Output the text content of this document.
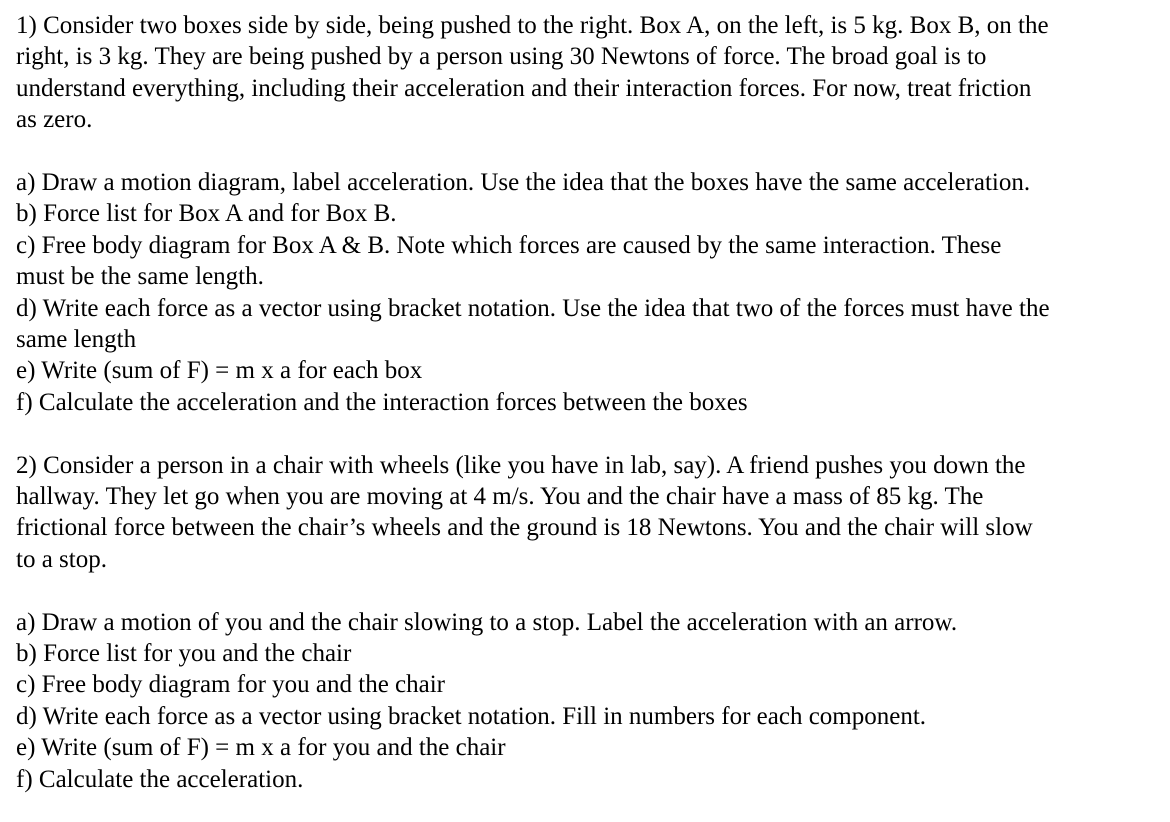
1) Consider two boxes side by side, being pushed to the right. Box A, on the left, is 5 kg. Box B, on the
right, is 3 kg. They are being pushed by a person using 30 Newtons of force. The broad goal is to
understand everything, including their acceleration and their interaction forces. For now, treat friction
as zero.
a) Draw a motion diagram, label acceleration. Use the idea that the boxes have the same acceleration.
b) Force list for Box A and for Box B.
c) Free body diagram for Box A & B. Note which forces are caused by the same interaction. These
must be the same length.
d) Write each force as a vector using bracket notation. Use the idea that two of the forces must have the
same length
e) Write (sum of F) = m x a for each box
f) Calculate the acceleration and the interaction forces between the boxes
2) Consider a person in a chair with wheels (like you have in lab, say). A friend pushes you down the
hallway. They let go when you are moving at 4 m/s. You and the chair have a mass of 85 kg. The
frictional force between the chair’s wheels and the ground is 18 Newtons. You and the chair will slow
to a stop.
a) Draw a motion of you and the chair slowing to a stop. Label the acceleration with an arrow.
b) Force list for you and the chair
c) Free body diagram for you and the chair
d) Write each force as a vector using bracket notation. Fill in numbers for each component.
e) Write (sum of F) = m x a for you and the chair
f) Calculate the acceleration.
